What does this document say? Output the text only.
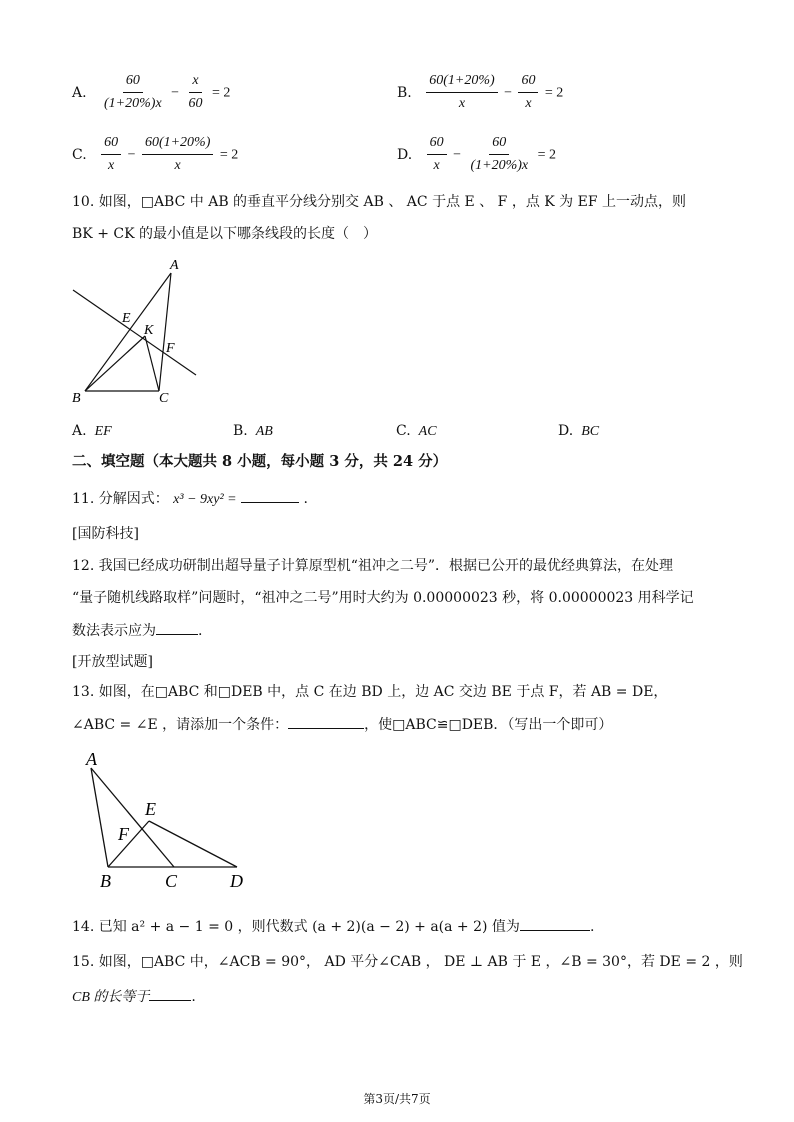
A. $\frac{60}{(1+20\%)x} - \frac{x}{60} = 2$	B. $\frac{60(1+20\%)}{x} - \frac{60}{x} = 2$
C. $\frac{60}{x} - \frac{60(1+20\%)}{x} = 2$	D. $\frac{60}{x} - \frac{60}{(1+20\%)x} = 2$
10. 如图，□ABC 中 AB 的垂直平分线分别交 AB 、 AC 于点 E 、 F ，点 K 为 EF 上一动点，则
BK + CK 的最小值是以下哪条线段的长度（　）
A
E
K
F
B	C
A. EF	B. AB	C. AC	D. BC
二、填空题（本大题共 8 小题，每小题 3 分，共 24 分）
11. 分解因式： x³ − 9xy² =	.
[国防科技]
12. 我国已经成功研制出超导量子计算原型机“祖冲之二号”．根据已公开的最优经典算法，在处理
“量子随机线路取样”问题时，“祖冲之二号”用时大约为 0.00000023 秒，将 0.00000023 用科学记
数法表示应为	.
[开放型试题]
13. 如图，在□ABC 和□DEB 中，点 C 在边 BD 上，边 AC 交边 BE 于点 F，若 AB = DE，
∠ABC = ∠E ，请添加一个条件：	，使□ABC≌□DEB．（写出一个即可）
A
E
F
B	C	D
14. 已知 a² + a − 1 = 0 ，则代数式 (a + 2)(a − 2) + a(a + 2) 值为	.
15. 如图，□ABC 中，∠ACB = 90°， AD 平分∠CAB ， DE ⊥ AB 于 E ，∠B = 30°，若 DE = 2 ，则
CB 的长等于	.
第3页/共7页
